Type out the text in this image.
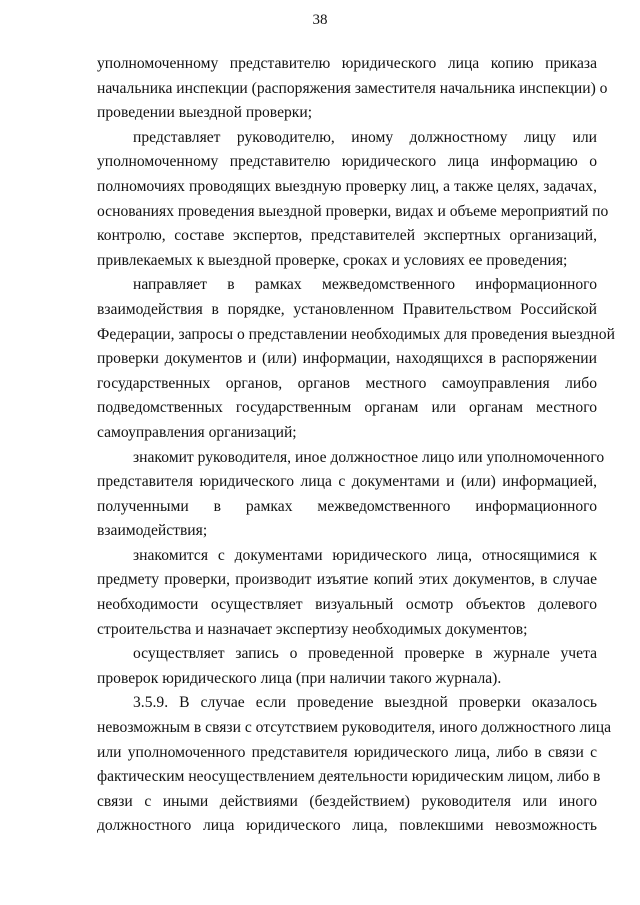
38
уполномоченному представителю юридического лица копию приказа
начальника инспекции (распоряжения заместителя начальника инспекции) о
проведении выездной проверки;
представляет руководителю, иному должностному лицу или
уполномоченному представителю юридического лица информацию о
полномочиях проводящих выездную проверку лиц, а также целях, задачах,
основаниях проведения выездной проверки, видах и объеме мероприятий по
контролю, составе экспертов, представителей экспертных организаций,
привлекаемых к выездной проверке, сроках и условиях ее проведения;
направляет в рамках межведомственного информационного
взаимодействия в порядке, установленном Правительством Российской
Федерации, запросы о представлении необходимых для проведения выездной
проверки документов и (или) информации, находящихся в распоряжении
государственных органов, органов местного самоуправления либо
подведомственных государственным органам или органам местного
самоуправления организаций;
знакомит руководителя, иное должностное лицо или уполномоченного
представителя юридического лица с документами и (или) информацией,
полученными в рамках межведомственного информационного
взаимодействия;
знакомится с документами юридического лица, относящимися к
предмету проверки, производит изъятие копий этих документов, в случае
необходимости осуществляет визуальный осмотр объектов долевого
строительства и назначает экспертизу необходимых документов;
осуществляет запись о проведенной проверке в журнале учета
проверок юридического лица (при наличии такого журнала).
3.5.9. В случае если проведение выездной проверки оказалось
невозможным в связи с отсутствием руководителя, иного должностного лица
или уполномоченного представителя юридического лица, либо в связи с
фактическим неосуществлением деятельности юридическим лицом, либо в
связи с иными действиями (бездействием) руководителя или иного
должностного лица юридического лица, повлекшими невозможность
